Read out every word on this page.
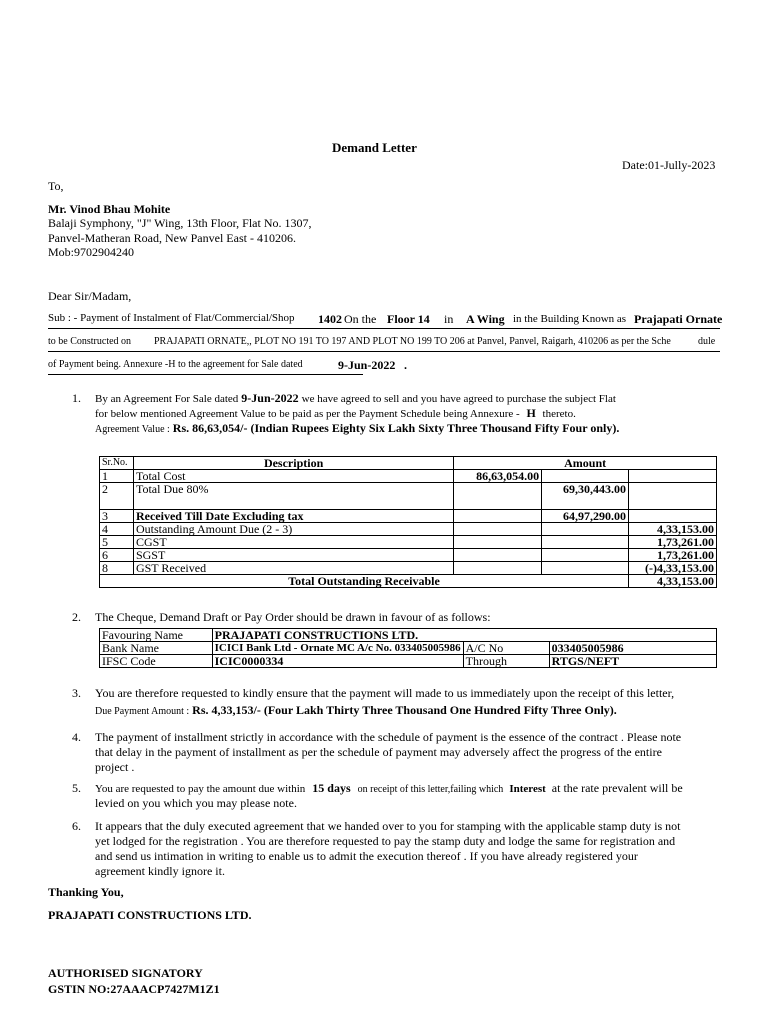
Demand Letter
Date:01-Jully-2023
To,
Mr. Vinod Bhau Mohite
Balaji Symphony, "J" Wing, 13th Floor, Flat No. 1307,
Panvel-Matheran Road, New Panvel East - 410206.
Mob:9702904240
Dear Sir/Madam,
Sub : - Payment of Instalment of Flat/Commercial/Shop 1402 On the Floor 14 in A Wing in the Building Known as Prajapati Ornate
to be Constructed on PRAJAPATI ORNATE,, PLOT NO 191 TO 197 AND PLOT NO 199 TO 206 at Panvel, Panvel, Raigarh, 410206 as per the Sche	dule
of Payment being. Annexure -H to the agreement for Sale dated	9-Jun-2022 .
1. By an Agreement For Sale dated 9-Jun-2022 we have agreed to sell and you have agreed to purchase the subject Flat
for below mentioned Agreement Value to be paid as per the Payment Schedule being Annexure - H thereto.
Agreement Value : Rs. 86,63,054/- (Indian Rupees Eighty Six Lakh Sixty Three Thousand Fifty Four only).
Sr.No.	Description	Amount		
1	Total Cost	86,63,054.00		
2	Total Due 80%		69,30,443.00	
3	Received Till Date Excluding tax		64,97,290.00	
4	Outstanding Amount Due (2 - 3)			4,33,153.00
5	CGST			1,73,261.00
6	SGST			1,73,261.00
8	GST Received			(-)4,33,153.00
Total Outstanding Receivable				4,33,153.00
2. The Cheque, Demand Draft or Pay Order should be drawn in favour of as follows:
Favouring Name	PRAJAPATI CONSTRUCTIONS LTD.		
Bank Name	ICICI Bank Ltd - Ornate MC A/c No. 033405005986	A/C No	033405005986
IFSC Code	ICIC0000334	Through	RTGS/NEFT
3. You are therefore requested to kindly ensure that the payment will made to us immediately upon the receipt of this letter,
Due Payment Amount : Rs. 4,33,153/- (Four Lakh Thirty Three Thousand One Hundred Fifty Three Only).
4. The payment of installment strictly in accordance with the schedule of payment is the essence of the contract . Please note
that delay in the payment of installment as per the schedule of payment may adversely affect the progress of the entire
project .
5. You are requested to pay the amount due within 15 days on receipt of this letter,failing which Interest at the rate prevalent will be
levied on you which you may please note.
6. It appears that the duly executed agreement that we handed over to you for stamping with the applicable stamp duty is not
yet lodged for the registration . You are therefore requested to pay the stamp duty and lodge the same for registration and
and send us intimation in writing to enable us to admit the execution thereof . If you have already registered your
agreement kindly ignore it.
Thanking You,
PRAJAPATI CONSTRUCTIONS LTD.
AUTHORISED SIGNATORY
GSTIN NO:27AAACP7427M1Z1
